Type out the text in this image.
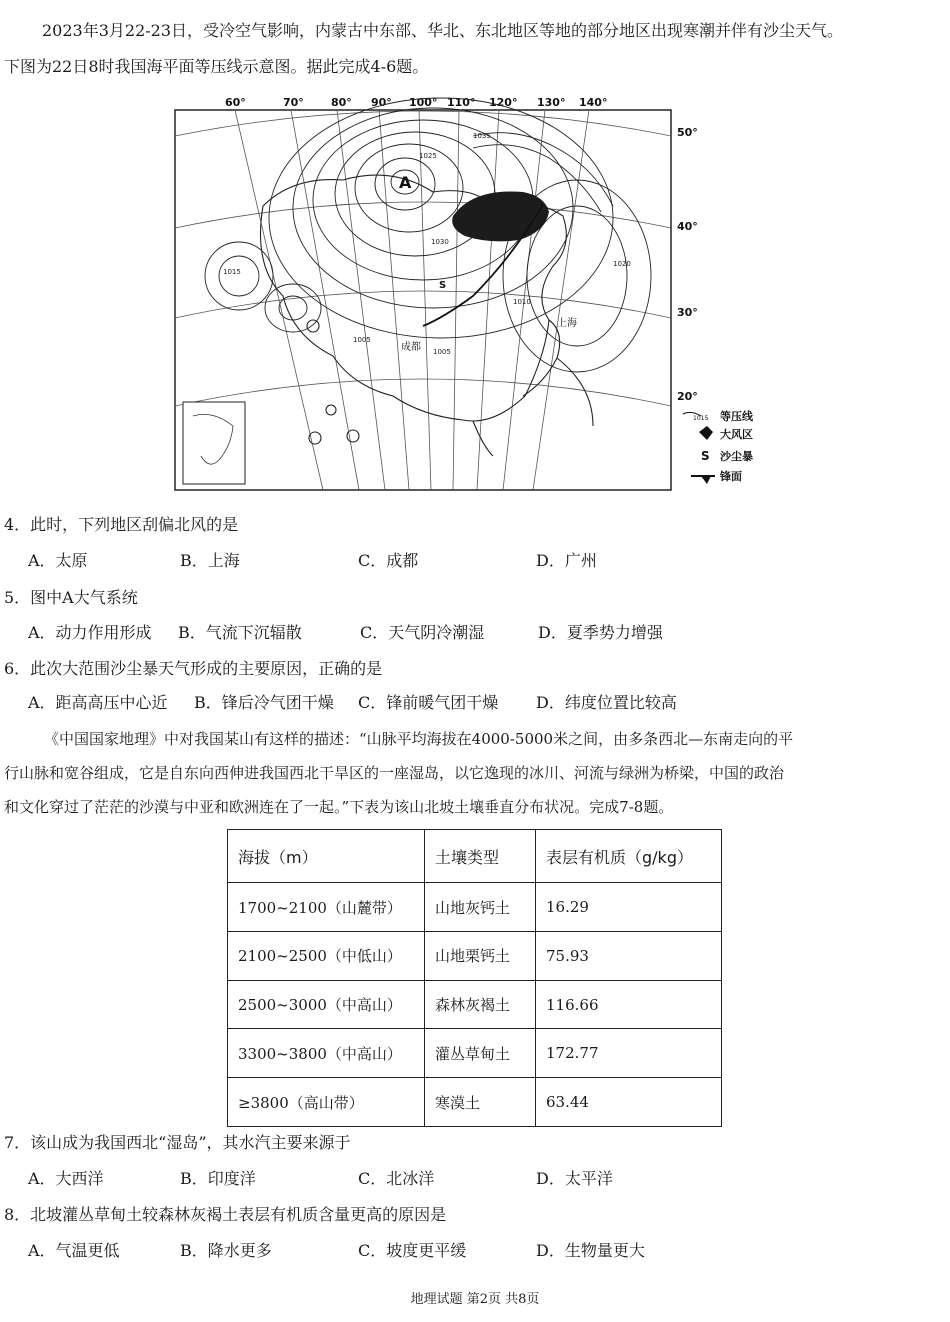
2023年3月22-23日，受冷空气影响，内蒙古中东部、华北、东北地区等地的部分地区出现寒潮并伴有沙尘天气。
下图为22日8时我国海平面等压线示意图。据此完成4-6题。
60°	70° 80° 90° 100° 110° 120° 130° 140°
50°
40°
30°
20°
A
1035
1025
1030
1015
1010
1005
1020
1005
上海
成都
S
1015 等压线
大风区
S 沙尘暴
锋面
4．此时，下列地区刮偏北风的是
A．太原	B．上海	C．成都	D．广州
5．图中A大气系统
A．动力作用形成 B．气流下沉辐散	C．天气阴冷潮湿	D．夏季势力增强
6．此次大范围沙尘暴天气形成的主要原因，正确的是
A．距高高压中心近 B．锋后冷气团干燥 C．锋前暖气团干燥 D．纬度位置比较高
《中国国家地理》中对我国某山有这样的描述：“山脉平均海拔在4000-5000米之间，由多条西北—东南走向的平
行山脉和宽谷组成，它是自东向西伸进我国西北干旱区的一座湿岛，以它逸现的冰川、河流与绿洲为桥梁，中国的政治
和文化穿过了茫茫的沙漠与中亚和欧洲连在了一起。”下表为该山北坡土壤垂直分布状况。完成7-8题。
海拔（m）	土壤类型	表层有机质（g/kg）
1700~2100（山麓带）	山地灰钙土	16.29
2100~2500（中低山）	山地栗钙土	75.93
2500~3000（中高山）	森林灰褐土	116.66
3300~3800（中高山）	灌丛草甸土	172.77
≥3800（高山带）	寒漠土	63.44
7．该山成为我国西北“湿岛”，其水汽主要来源于
A．大西洋	B．印度洋	C．北冰洋	D．太平洋
8．北坡灌丛草甸土较森林灰褐土表层有机质含量更高的原因是
A．气温更低	B．降水更多	C．坡度更平缓	D．生物量更大
地理试题 第2页 共8页
